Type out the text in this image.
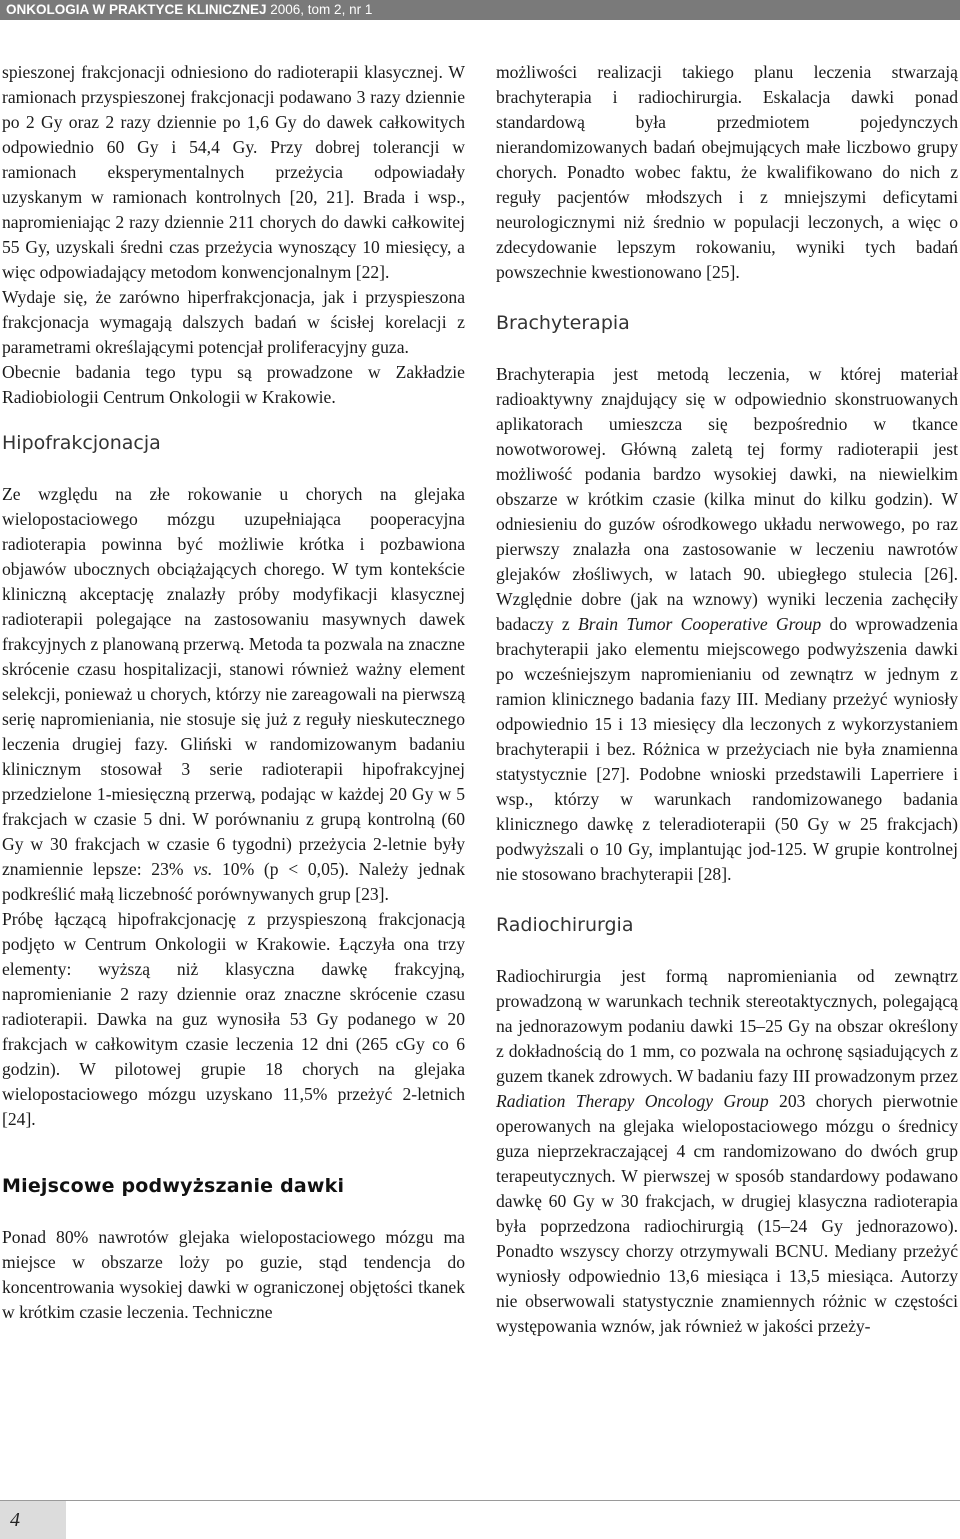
ONKOLOGIA W PRAKTYCE KLINICZNEJ 2006, tom 2, nr 1

spieszonej frakcjonacji odniesiono do radioterapii klasycznej. W ramionach przyspieszonej frakcjonacji podawano 3 razy dziennie po 2 Gy oraz 2 razy dziennie po 1,6 Gy do dawek całkowitych odpowiednio 60 Gy i 54,4 Gy. Przy dobrej tolerancji w ramionach eksperymentalnych przeżycia odpowiadały uzyskanym w ramionach kontrolnych [20, 21]. Brada i wsp., napromieniając 2 razy dziennie 211 chorych do dawki całkowitej 55 Gy, uzyskali średni czas przeżycia wynoszący 10 miesięcy, a więc odpowiadający metodom konwencjonalnym [22].

Wydaje się, że zarówno hiperfrakcjonacja, jak i przyspieszona frakcjonacja wymagają dalszych badań w ścisłej korelacji z parametrami określającymi potencjał proliferacyjny guza.

Obecnie badania tego typu są prowadzone w Zakładzie Radiobiologii Centrum Onkologii w Krakowie.

Hipofrakcjonacja

Ze względu na złe rokowanie u chorych na glejaka wielopostaciowego mózgu uzupełniająca pooperacyjna radioterapia powinna być możliwie krótka i pozbawiona objawów ubocznych obciążających chorego. W tym kontekście kliniczną akceptację znalazły próby modyfikacji klasycznej radioterapii polegające na zastosowaniu masywnych dawek frakcyjnych z planowaną przerwą. Metoda ta pozwala na znaczne skrócenie czasu hospitalizacji, stanowi również ważny element selekcji, ponieważ u chorych, którzy nie zareagowali na pierwszą serię napromieniania, nie stosuje się już z reguły nieskutecznego leczenia drugiej fazy. Gliński w randomizowanym badaniu klinicznym stosował 3 serie radioterapii hipofrakcyjnej przedzielone 1-miesięczną przerwą, podając w każdej 20 Gy w 5 frakcjach w czasie 5 dni. W porównaniu z grupą kontrolną (60 Gy w 30 frakcjach w czasie 6 tygodni) przeżycia 2-letnie były znamiennie lepsze: 23% vs. 10% (p < 0,05). Należy jednak podkreślić małą liczebność porównywanych grup [23].

Próbę łączącą hipofrakcjonację z przyspieszoną frakcjonacją podjęto w Centrum Onkologii w Krakowie. Łączyła ona trzy elementy: wyższą niż klasyczna dawkę frakcyjną, napromienianie 2 razy dziennie oraz znaczne skrócenie czasu radioterapii. Dawka na guz wynosiła 53 Gy podanego w 20 frakcjach w całkowitym czasie leczenia 12 dni (265 cGy co 6 godzin). W pilotowej grupie 18 chorych na glejaka wielopostaciowego mózgu uzyskano 11,5% przeżyć 2-letnich [24].

Miejscowe podwyższanie dawki

Ponad 80% nawrotów glejaka wielopostaciowego mózgu ma miejsce w obszarze loży po guzie, stąd tendencja do koncentrowania wysokiej dawki w ograniczonej objętości tkanek w krótkim czasie leczenia. Techniczne

możliwości realizacji takiego planu leczenia stwarzają brachyterapia i radiochirurgia. Eskalacja dawki ponad standardową była przedmiotem pojedynczych nierandomizowanych badań obejmujących małe liczbowo grupy chorych. Ponadto wobec faktu, że kwalifikowano do nich z reguły pacjentów młodszych i z mniejszymi deficytami neurologicznymi niż średnio w populacji leczonych, a więc o zdecydowanie lepszym rokowaniu, wyniki tych badań powszechnie kwestionowano [25].

Brachyterapia

Brachyterapia jest metodą leczenia, w której materiał radioaktywny znajdujący się w odpowiednio skonstruowanych aplikatorach umieszcza się bezpośrednio w tkance nowotworowej. Główną zaletą tej formy radioterapii jest możliwość podania bardzo wysokiej dawki, na niewielkim obszarze w krótkim czasie (kilka minut do kilku godzin). W odniesieniu do guzów ośrodkowego układu nerwowego, po raz pierwszy znalazła ona zastosowanie w leczeniu nawrotów glejaków złośliwych, w latach 90. ubiegłego stulecia [26]. Względnie dobre (jak na wznowy) wyniki leczenia zachęciły badaczy z Brain Tumor Cooperative Group do wprowadzenia brachyterapii jako elementu miejscowego podwyższenia dawki po wcześniejszym napromienianiu od zewnątrz w jednym z ramion klinicznego badania fazy III. Mediany przeżyć wyniosły odpowiednio 15 i 13 miesięcy dla leczonych z wykorzystaniem brachyterapii i bez. Różnica w przeżyciach nie była znamienna statystycznie [27]. Podobne wnioski przedstawili Laperriere i wsp., którzy w warunkach randomizowanego badania klinicznego dawkę z teleradioterapii (50 Gy w 25 frakcjach) podwyższali o 10 Gy, implantując jod-125. W grupie kontrolnej nie stosowano brachyterapii [28].

Radiochirurgia

Radiochirurgia jest formą napromieniania od zewnątrz prowadzoną w warunkach technik stereotaktycznych, polegającą na jednorazowym podaniu dawki 15–25 Gy na obszar określony z dokładnością do 1 mm, co pozwala na ochronę sąsiadujących z guzem tkanek zdrowych. W badaniu fazy III prowadzonym przez Radiation Therapy Oncology Group 203 chorych pierwotnie operowanych na glejaka wielopostaciowego mózgu o średnicy guza nieprzekraczającej 4 cm randomizowano do dwóch grup terapeutycznych. W pierwszej w sposób standardowy podawano dawkę 60 Gy w 30 frakcjach, w drugiej klasyczna radioterapia była poprzedzona radiochirurgią (15–24 Gy jednorazowo). Ponadto wszyscy chorzy otrzymywali BCNU. Mediany przeżyć wyniosły odpowiednio 13,6 miesiąca i 13,5 miesiąca. Autorzy nie obserwowali statystycznie znamiennych różnic w częstości występowania wznów, jak również w jakości przeży-

4
